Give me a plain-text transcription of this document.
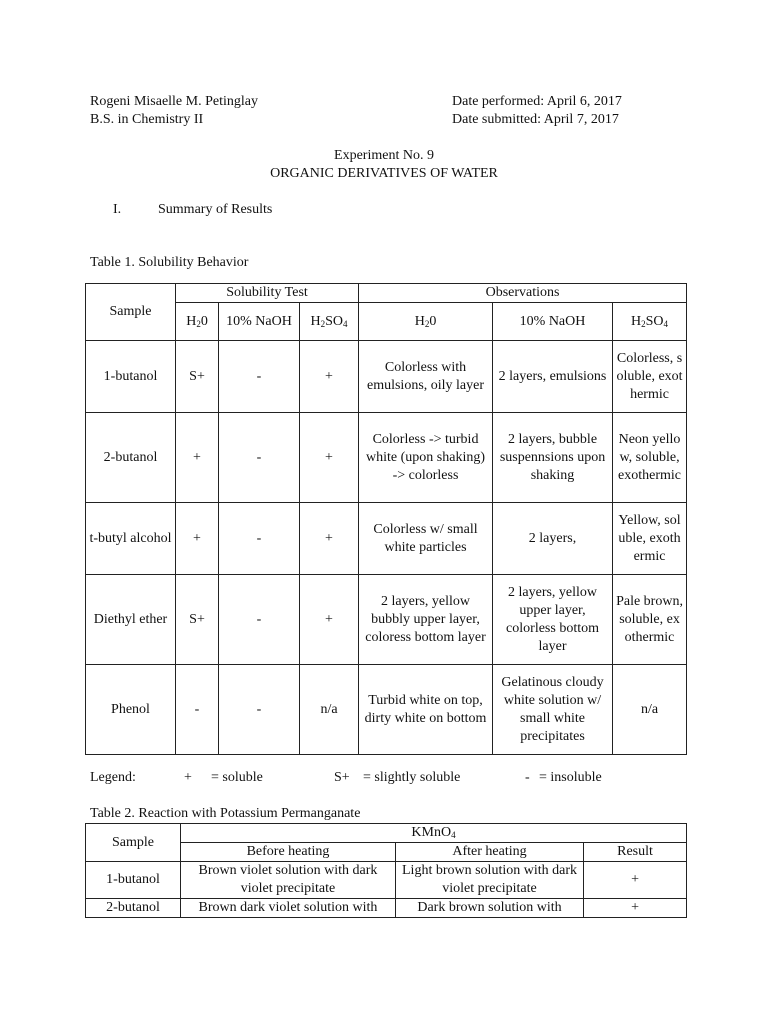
Rogeni Misaelle M. Petinglay
B.S. in Chemistry II
Date performed: April 6, 2017
Date submitted: April 7, 2017
Experiment No. 9
ORGANIC DERIVATIVES OF WATER
I.	Summary of Results
Table 1. Solubility Behavior
Sample	Solubility Test			Observations		
	$H_20$	10% NaOH	$H_2SO_4$	$H_20$	10% NaOH	$H_2SO_4$
1-butanol	S+	-	+	Colorless with emulsions, oily layer	2 layers, emulsions	Colorless, soluble, exothermic
2-butanol	+	-	+	Colorless -> turbid white (upon shaking) -> colorless	2 layers, bubble suspennsions upon shaking	Neon yellow, soluble, exothermic
t-butyl alcohol	+	-	+	Colorless w/ small white particles	2 layers,	Yellow, soluble, exothermic
Diethyl ether	S+	-	+	2 layers, yellow bubbly upper layer, coloress bottom layer	2 layers, yellow upper layer, colorless bottom layer	Pale brown, soluble, exothermic
Phenol	-	-	n/a	Turbid white on top, dirty white on bottom	Gelatinous cloudy white solution w/ small white precipitates	n/a
Legend:	+ = soluble	S+ = slightly soluble	- = insoluble
Table 2. Reaction with Potassium Permanganate
Sample	KMnO$_4$
	Before heating	After heating	Result
1-butanol	Brown violet solution with dark violet precipitate	Light brown solution with dark violet precipitate	+
2-butanol	Brown dark violet solution with	Dark brown solution with	+
